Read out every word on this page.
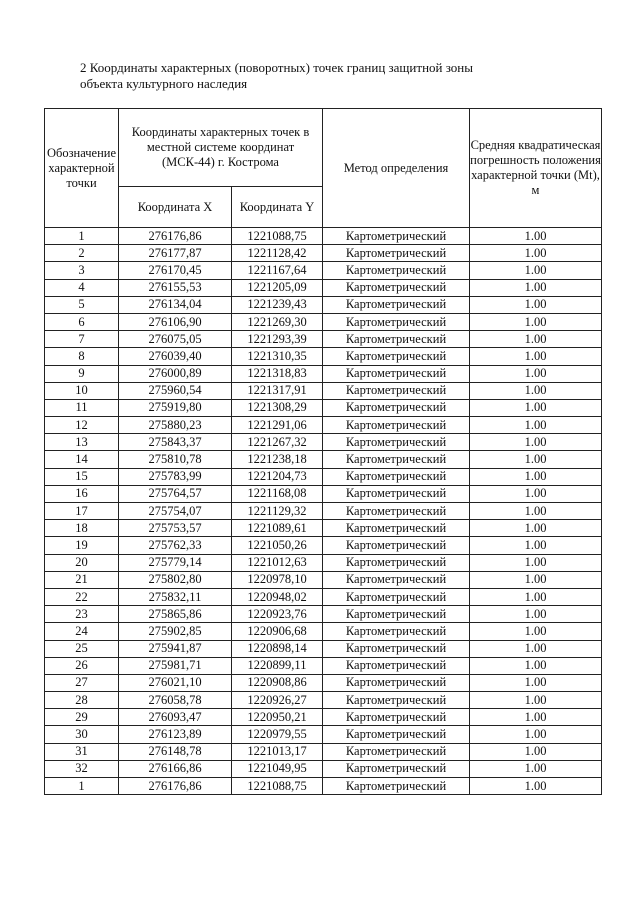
2 Координаты характерных (поворотных) точек границ защитной зоны
объекта культурного наследия
Обозначение характерной точки	Координаты характерных точек в местной системе координат (МСК-44) г. Кострома		Метод определения	Средняя квадратическая погрешность положения характерной точки (Mt), м
	Координата Х	Координата Y		
1	276176,86	1221088,75	Картометрический	1.00
2	276177,87	1221128,42	Картометрический	1.00
3	276170,45	1221167,64	Картометрический	1.00
4	276155,53	1221205,09	Картометрический	1.00
5	276134,04	1221239,43	Картометрический	1.00
6	276106,90	1221269,30	Картометрический	1.00
7	276075,05	1221293,39	Картометрический	1.00
8	276039,40	1221310,35	Картометрический	1.00
9	276000,89	1221318,83	Картометрический	1.00
10	275960,54	1221317,91	Картометрический	1.00
11	275919,80	1221308,29	Картометрический	1.00
12	275880,23	1221291,06	Картометрический	1.00
13	275843,37	1221267,32	Картометрический	1.00
14	275810,78	1221238,18	Картометрический	1.00
15	275783,99	1221204,73	Картометрический	1.00
16	275764,57	1221168,08	Картометрический	1.00
17	275754,07	1221129,32	Картометрический	1.00
18	275753,57	1221089,61	Картометрический	1.00
19	275762,33	1221050,26	Картометрический	1.00
20	275779,14	1221012,63	Картометрический	1.00
21	275802,80	1220978,10	Картометрический	1.00
22	275832,11	1220948,02	Картометрический	1.00
23	275865,86	1220923,76	Картометрический	1.00
24	275902,85	1220906,68	Картометрический	1.00
25	275941,87	1220898,14	Картометрический	1.00
26	275981,71	1220899,11	Картометрический	1.00
27	276021,10	1220908,86	Картометрический	1.00
28	276058,78	1220926,27	Картометрический	1.00
29	276093,47	1220950,21	Картометрический	1.00
30	276123,89	1220979,55	Картометрический	1.00
31	276148,78	1221013,17	Картометрический	1.00
32	276166,86	1221049,95	Картометрический	1.00
1	276176,86	1221088,75	Картометрический	1.00
